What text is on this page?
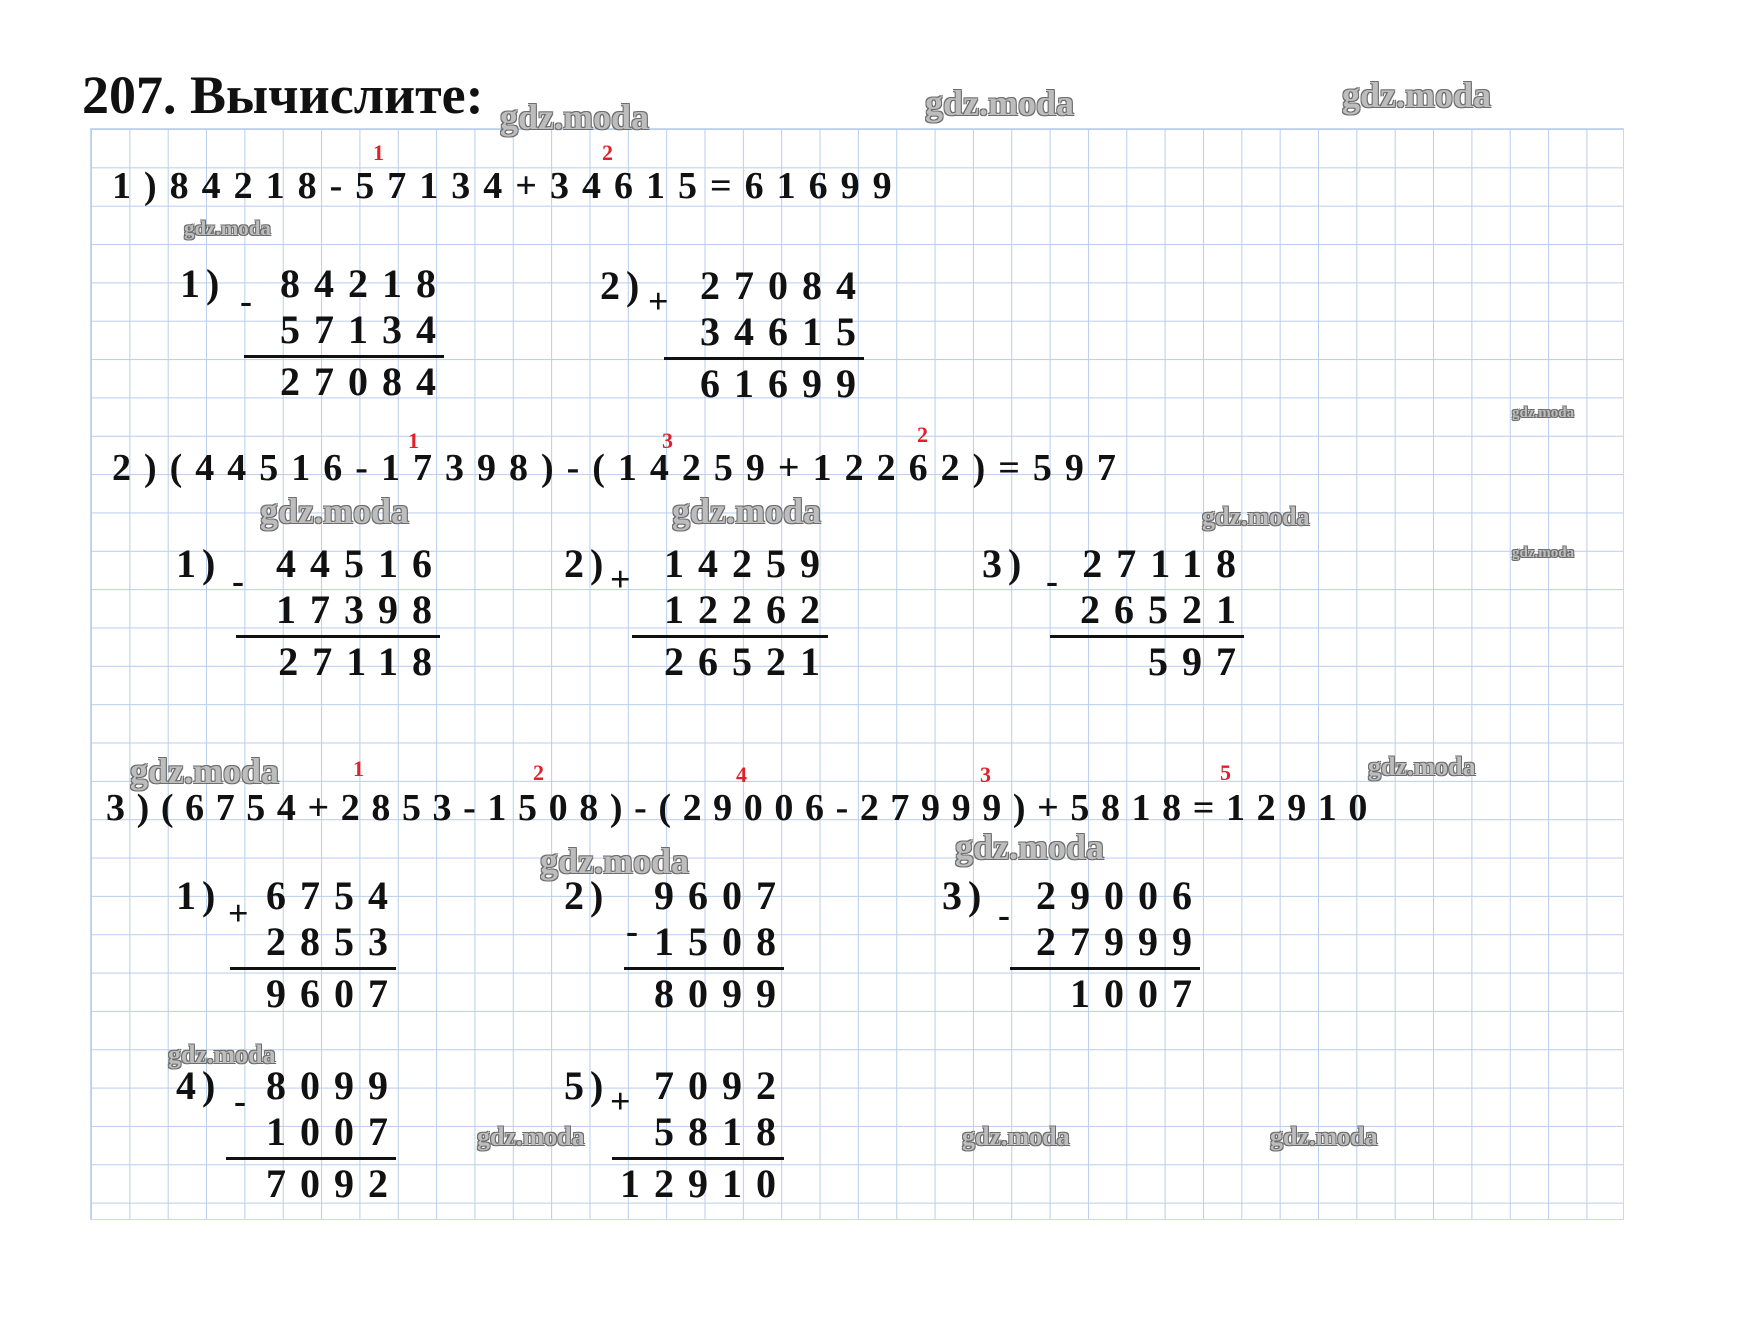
207. Вычислите: gdz.moda	gdz.moda	gdz.moda
gdz.moda
gdz.moda
gdz.moda	gdz.moda	gdz.moda
gdz.moda
gdz.moda	gdz.moda
gdz.moda	gdz.moda
gdz.moda
gdz.moda	gdz.moda	gdz.moda
1	2
1)84218-57134+34615=61699
1) - 84218
57134
27084
2) + 27084
34615
61699
1	3	2
2)(44516-17398)-(14259+12262)=597
1) - 44516
17398
27118
2) + 14259
12262
26521
3) - 27118
26521
597
1	2	4	3	5
3)(6754+2853-1508)-(29006-27999)+5818=12910
1) + 6754
2853
9607
2)
-
9607
1508
8099
3) - 29006
27999
1007
4) - 8099
1007
7092
5) + 7092
5818
12910
